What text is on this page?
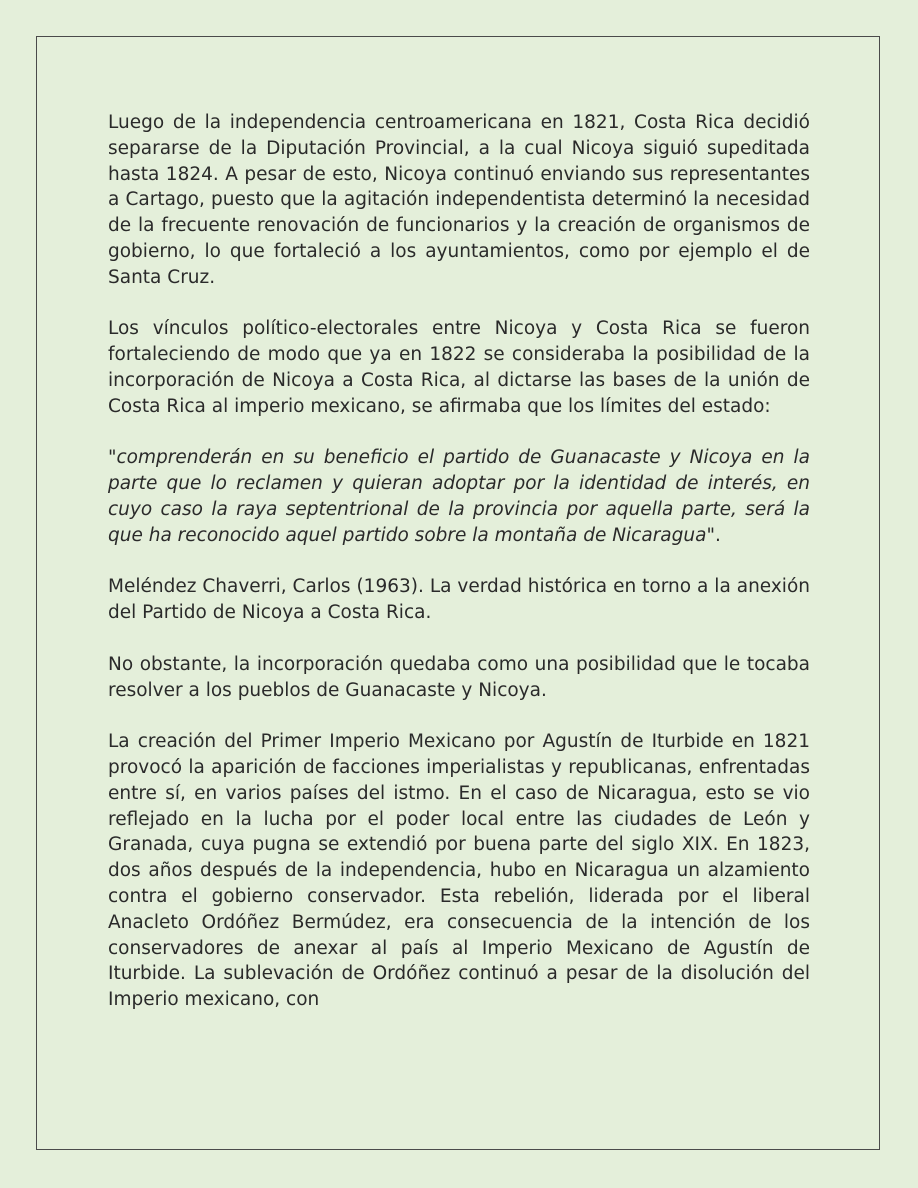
Luego de la independencia centroamericana en 1821, Costa Rica decidió separarse de la Diputación Provincial, a la cual Nicoya siguió supeditada hasta 1824. A pesar de esto, Nicoya continuó enviando sus representantes a Cartago, puesto que la agitación independentista determinó la necesidad de la frecuente renovación de funcionarios y la creación de organismos de gobierno, lo que fortaleció a los ayuntamientos, como por ejemplo el de Santa Cruz.

Los vínculos político-electorales entre Nicoya y Costa Rica se fueron fortaleciendo de modo que ya en 1822 se consideraba la posibilidad de la incorporación de Nicoya a Costa Rica, al dictarse las bases de la unión de Costa Rica al imperio mexicano, se afirmaba que los límites del estado:

"comprenderán en su beneficio el partido de Guanacaste y Nicoya en la parte que lo reclamen y quieran adoptar por la identidad de interés, en cuyo caso la raya septentrional de la provincia por aquella parte, será la que ha reconocido aquel partido sobre la montaña de Nicaragua".

Meléndez Chaverri, Carlos (1963). La verdad histórica en torno a la anexión del Partido de Nicoya a Costa Rica.

No obstante, la incorporación quedaba como una posibilidad que le tocaba resolver a los pueblos de Guanacaste y Nicoya.

La creación del Primer Imperio Mexicano por Agustín de Iturbide en 1821 provocó la aparición de facciones imperialistas y republicanas, enfrentadas entre sí, en varios países del istmo. En el caso de Nicaragua, esto se vio reflejado en la lucha por el poder local entre las ciudades de León y Granada, cuya pugna se extendió por buena parte del siglo XIX. En 1823, dos años después de la independencia, hubo en Nicaragua un alzamiento contra el gobierno conservador. Esta rebelión, liderada por el liberal Anacleto Ordóñez Bermúdez, era consecuencia de la intención de los conservadores de anexar al país al Imperio Mexicano de Agustín de Iturbide. La sublevación de Ordóñez continuó a pesar de la disolución del Imperio mexicano, con
